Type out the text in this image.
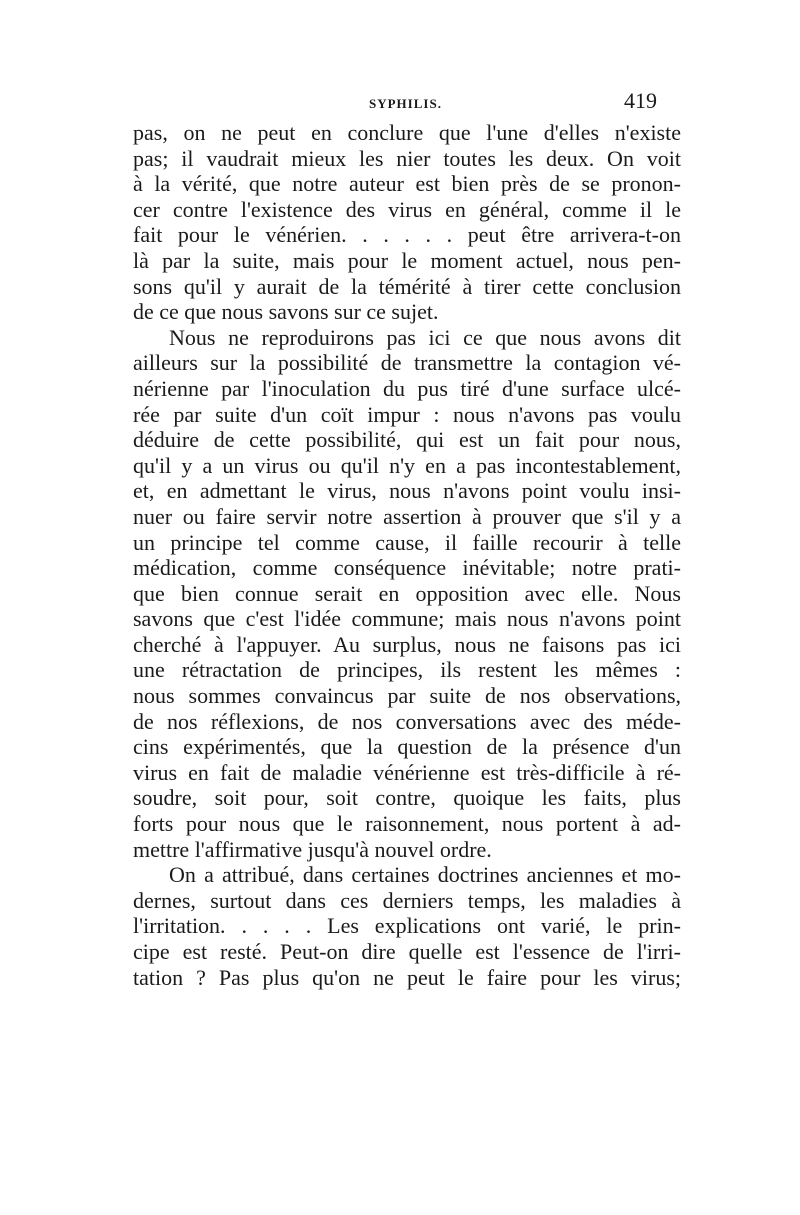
SYPHILIS.	419
pas, on ne peut en conclure que l'une d'elles n'existe
pas; il vaudrait mieux les nier toutes les deux. On voit
à la vérité, que notre auteur est bien près de se pronon-
cer contre l'existence des virus en général, comme il le
fait pour le vénérien. . . . . . peut être arrivera-t-on
là par la suite, mais pour le moment actuel, nous pen-
sons qu'il y aurait de la témérité à tirer cette conclusion
de ce que nous savons sur ce sujet.
Nous ne reproduirons pas ici ce que nous avons dit
ailleurs sur la possibilité de transmettre la contagion vé-
nérienne par l'inoculation du pus tiré d'une surface ulcé-
rée par suite d'un coït impur : nous n'avons pas voulu
déduire de cette possibilité, qui est un fait pour nous,
qu'il y a un virus ou qu'il n'y en a pas incontestablement,
et, en admettant le virus, nous n'avons point voulu insi-
nuer ou faire servir notre assertion à prouver que s'il y a
un principe tel comme cause, il faille recourir à telle
médication, comme conséquence inévitable; notre prati-
que bien connue serait en opposition avec elle. Nous
savons que c'est l'idée commune; mais nous n'avons point
cherché à l'appuyer. Au surplus, nous ne faisons pas ici
une rétractation de principes, ils restent les mêmes :
nous sommes convaincus par suite de nos observations,
de nos réflexions, de nos conversations avec des méde-
cins expérimentés, que la question de la présence d'un
virus en fait de maladie vénérienne est très-difficile à ré-
soudre, soit pour, soit contre, quoique les faits, plus
forts pour nous que le raisonnement, nous portent à ad-
mettre l'affirmative jusqu'à nouvel ordre.
On a attribué, dans certaines doctrines anciennes et mo-
dernes, surtout dans ces derniers temps, les maladies à
l'irritation. . . . . Les explications ont varié, le prin-
cipe est resté. Peut-on dire quelle est l'essence de l'irri-
tation ? Pas plus qu'on ne peut le faire pour les virus;
